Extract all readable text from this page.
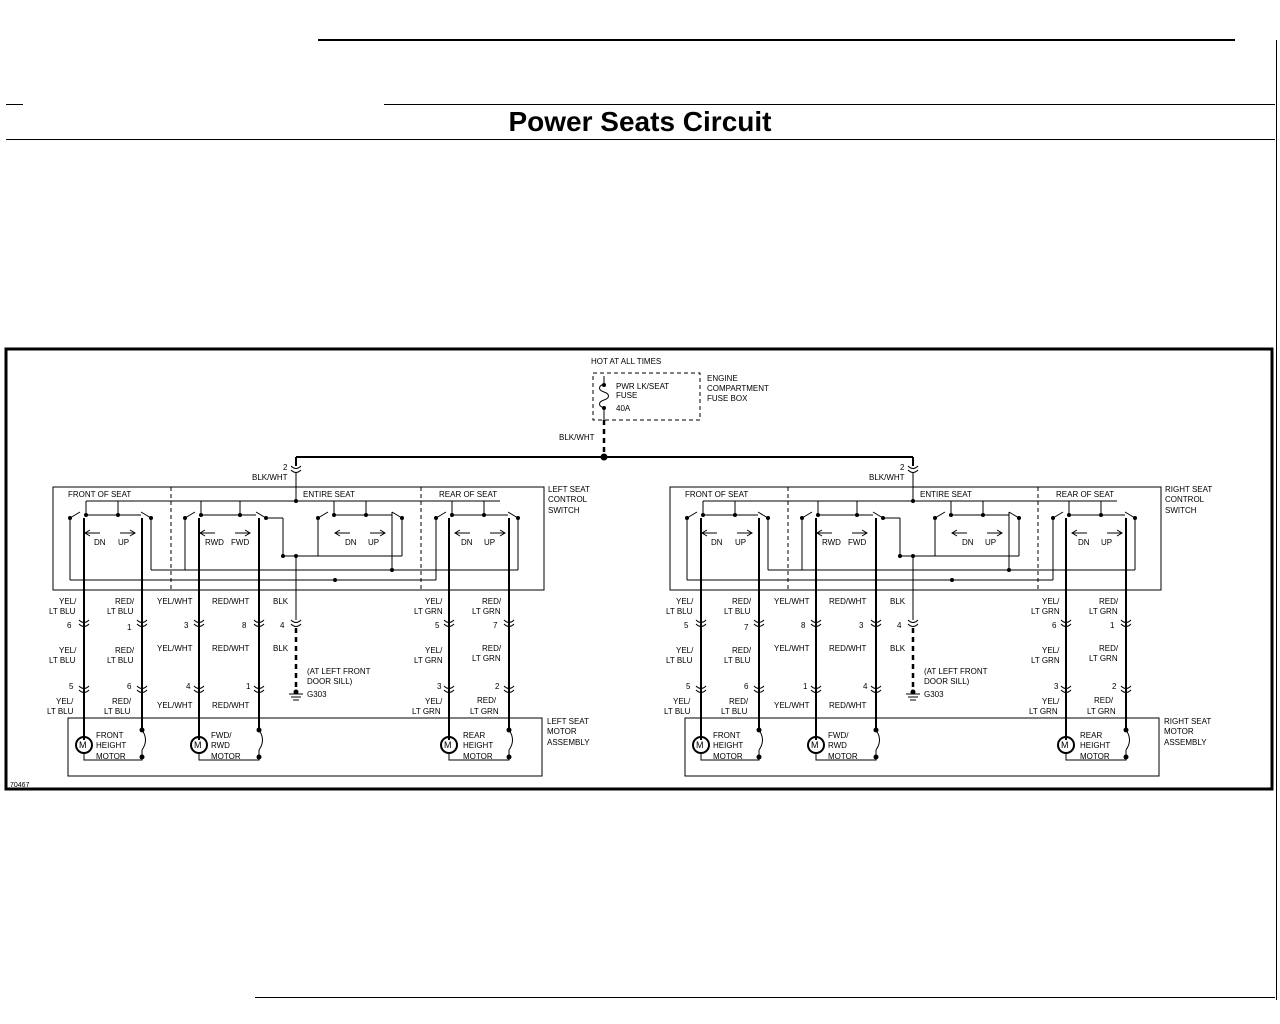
Power Seats Circuit
70467
HOT AT ALL TIMES
PWR LK/SEAT
FUSE
40A
ENGINE
COMPARTMENT
FUSE BOX
BLK/WHT
2
BLK/WHT
FRONT OF SEAT	ENTIRE SEAT	REAR OF SEAT
LEFT SEAT
CONTROL
SWITCH
DN UP	RWD FWD	DN UP	DN UP
BLK
4
BLK
(AT LEFT FRONT
DOOR SILL)
G303
YEL/
LT BLU
6
YEL/
LT BLU
5
YEL/
LT BLU
RED/
LT BLU
1
RED/
LT BLU
6
RED/
LT BLU
YEL/WHT
3
YEL/WHT
4
YEL/WHT
RED/WHT
8
RED/WHT
1
RED/WHT
YEL/
LT GRN
5
YEL/
LT GRN
3
YEL/
LT GRN
RED/
LT GRN
7
RED/
LT GRN
2
RED/
LT GRN
LEFT SEAT
MOTOR
ASSEMBLY
M
FRONT
HEIGHT
MOTOR
M
FWD/
RWD
MOTOR
M
REAR
HEIGHT
MOTOR
2
BLK/WHT
FRONT OF SEAT	ENTIRE SEAT	REAR OF SEAT
RIGHT SEAT
CONTROL
SWITCH
DN UP	RWD FWD	DN UP	DN UP
BLK
4
BLK
(AT LEFT FRONT
DOOR SILL)
G303
YEL/
LT BLU
5
YEL/
LT BLU
5
YEL/
LT BLU
RED/
LT BLU
7
RED/
LT BLU
6
RED/
LT BLU
YEL/WHT
8
YEL/WHT
1
YEL/WHT
RED/WHT
3
RED/WHT
4
RED/WHT
YEL/
LT GRN
6
YEL/
LT GRN
3
YEL/
LT GRN
RED/
LT GRN
1
RED/
LT GRN
2
RED/
LT GRN
RIGHT SEAT
MOTOR
ASSEMBLY
M
FRONT
HEIGHT
MOTOR
M
FWD/
RWD
MOTOR
M
REAR
HEIGHT
MOTOR
